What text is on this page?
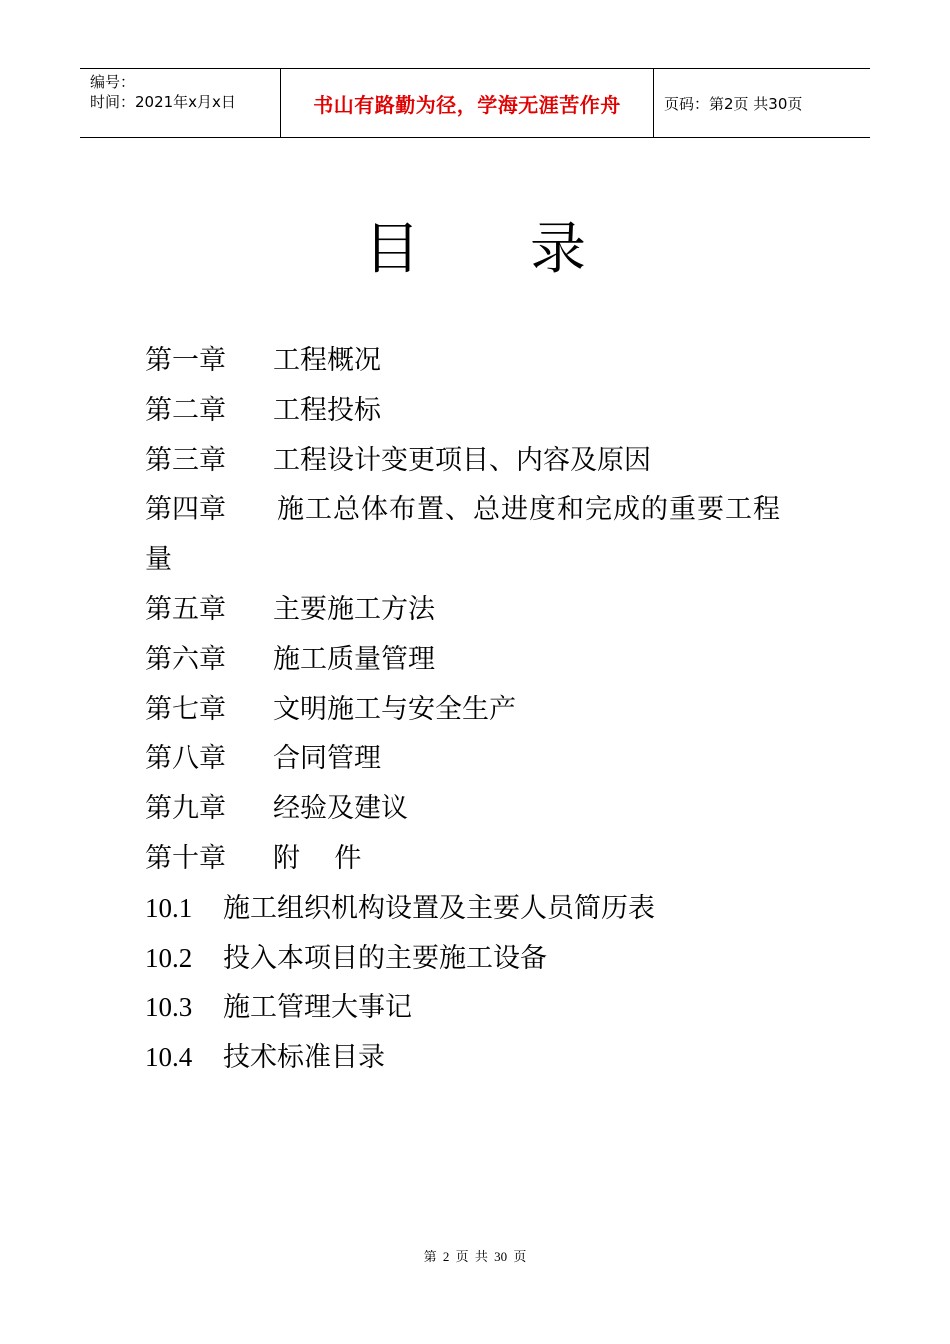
编号：
时间：2021年x月x日	书山有路勤为径，学海无涯苦作舟	页码：第2页 共30页
目录
第一章 工程概况
第二章 工程投标
第三章 工程设计变更项目、内容及原因
第四章 施工总体布置、总进度和完成的重要工程
量
第五章 主要施工方法
第六章 施工质量管理
第七章 文明施工与安全生产
第八章 合同管理
第九章 经验及建议
第十章 附    件
10.1 施工组织机构设置及主要人员简历表
10.2 投入本项目的主要施工设备
10.3 施工管理大事记
10.4 技术标准目录
第 2 页 共 30 页
